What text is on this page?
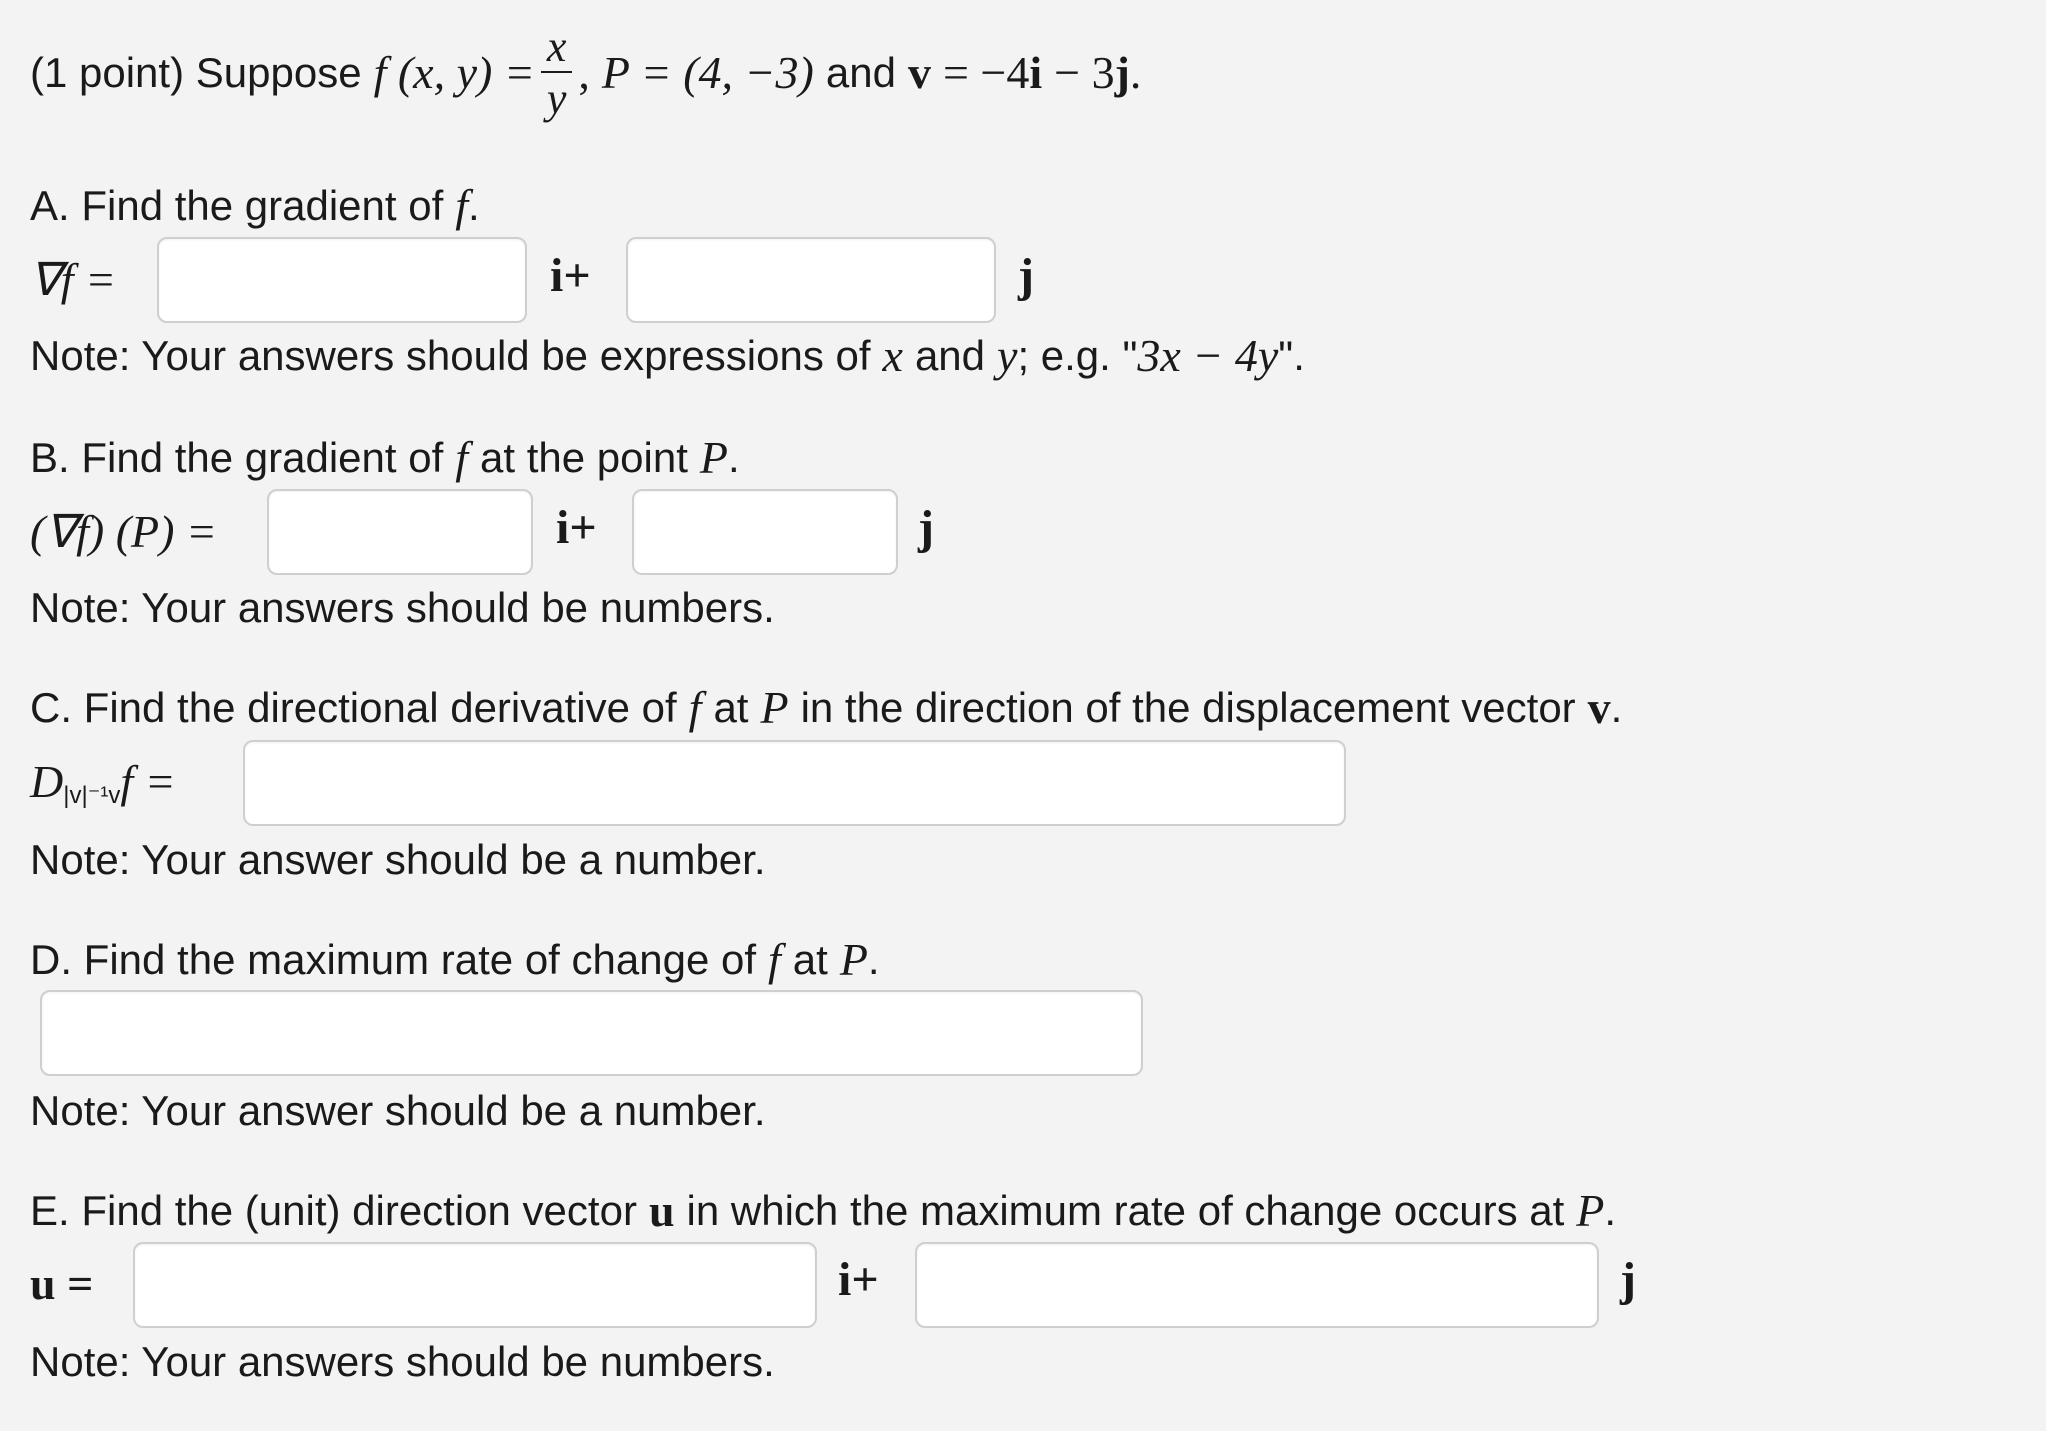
(1 point) Suppose f (x, $y) = \frac{x}{y}$ , P = (4, −3) and v = −4 i − 3 j .
A. Find the gradient of f .
∇f =	i+	j
Note: Your answers should be expressions of x and y ; e.g. " 3x − 4y ".
B. Find the gradient of f at the point P .
(∇f) (P) =	i+	j
Note: Your answers should be numbers.
C. Find the directional derivative of f at P in the direction of the displacement vector v .
D |v|⁻¹v f =
Note: Your answer should be a number.
D. Find the maximum rate of change of f at P .
Note: Your answer should be a number.
E. Find the (unit) direction vector u in which the maximum rate of change occurs at P .
u =	i+	j
Note: Your answers should be numbers.
